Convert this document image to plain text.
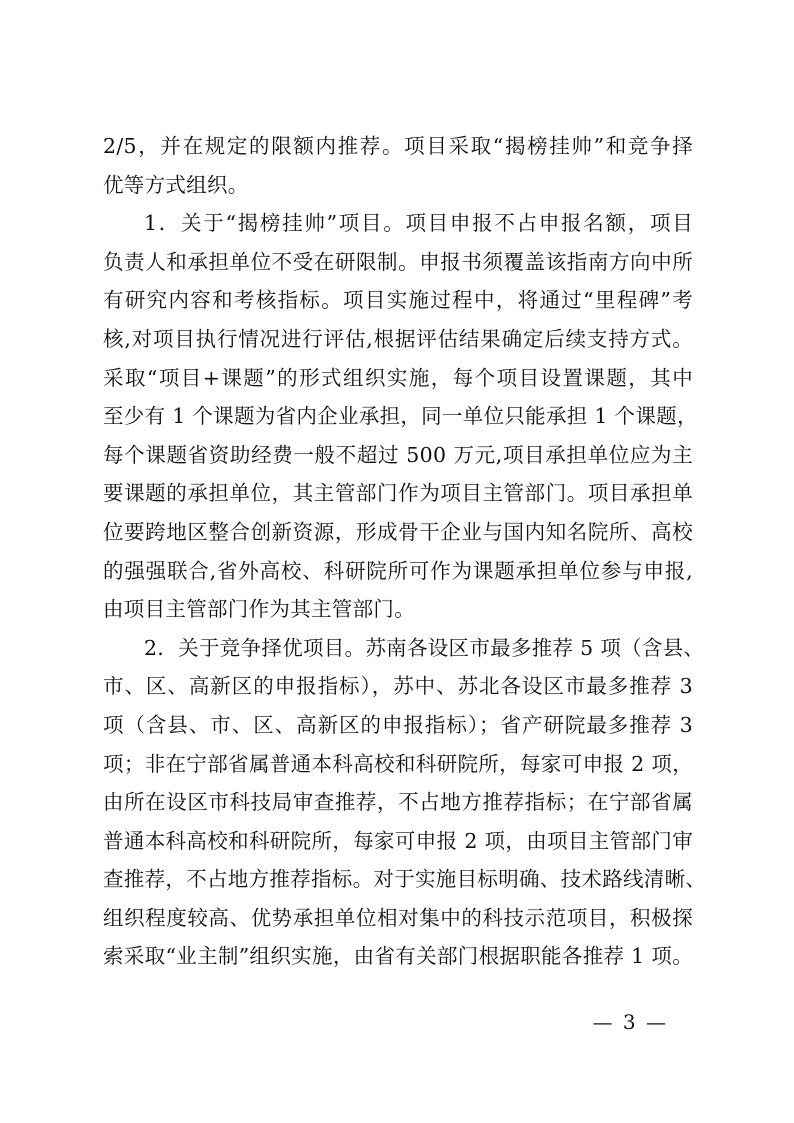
2/5，并在规定的限额内推荐。项目采取“揭榜挂帅”和竞争择
优等方式组织。
1．关于“揭榜挂帅”项目。项目申报不占申报名额，项目
负责人和承担单位不受在研限制。申报书须覆盖该指南方向中所
有研究内容和考核指标。项目实施过程中，将通过“里程碑”考
核,对项目执行情况进行评估,根据评估结果确定后续支持方式。
采取“项目+课题”的形式组织实施，每个项目设置课题，其中
至少有 1 个课题为省内企业承担，同一单位只能承担 1 个课题，
每个课题省资助经费一般不超过 500 万元,项目承担单位应为主
要课题的承担单位，其主管部门作为项目主管部门。项目承担单
位要跨地区整合创新资源，形成骨干企业与国内知名院所、高校
的强强联合,省外高校、科研院所可作为课题承担单位参与申报,
由项目主管部门作为其主管部门。
2．关于竞争择优项目。苏南各设区市最多推荐 5 项（含县、
市、区、高新区的申报指标），苏中、苏北各设区市最多推荐 3
项（含县、市、区、高新区的申报指标）；省产研院最多推荐 3
项；非在宁部省属普通本科高校和科研院所，每家可申报 2 项，
由所在设区市科技局审查推荐，不占地方推荐指标；在宁部省属
普通本科高校和科研院所，每家可申报 2 项，由项目主管部门审
查推荐，不占地方推荐指标。对于实施目标明确、技术路线清晰、
组织程度较高、优势承担单位相对集中的科技示范项目，积极探
索采取“业主制”组织实施，由省有关部门根据职能各推荐 1 项。
— 3 —
